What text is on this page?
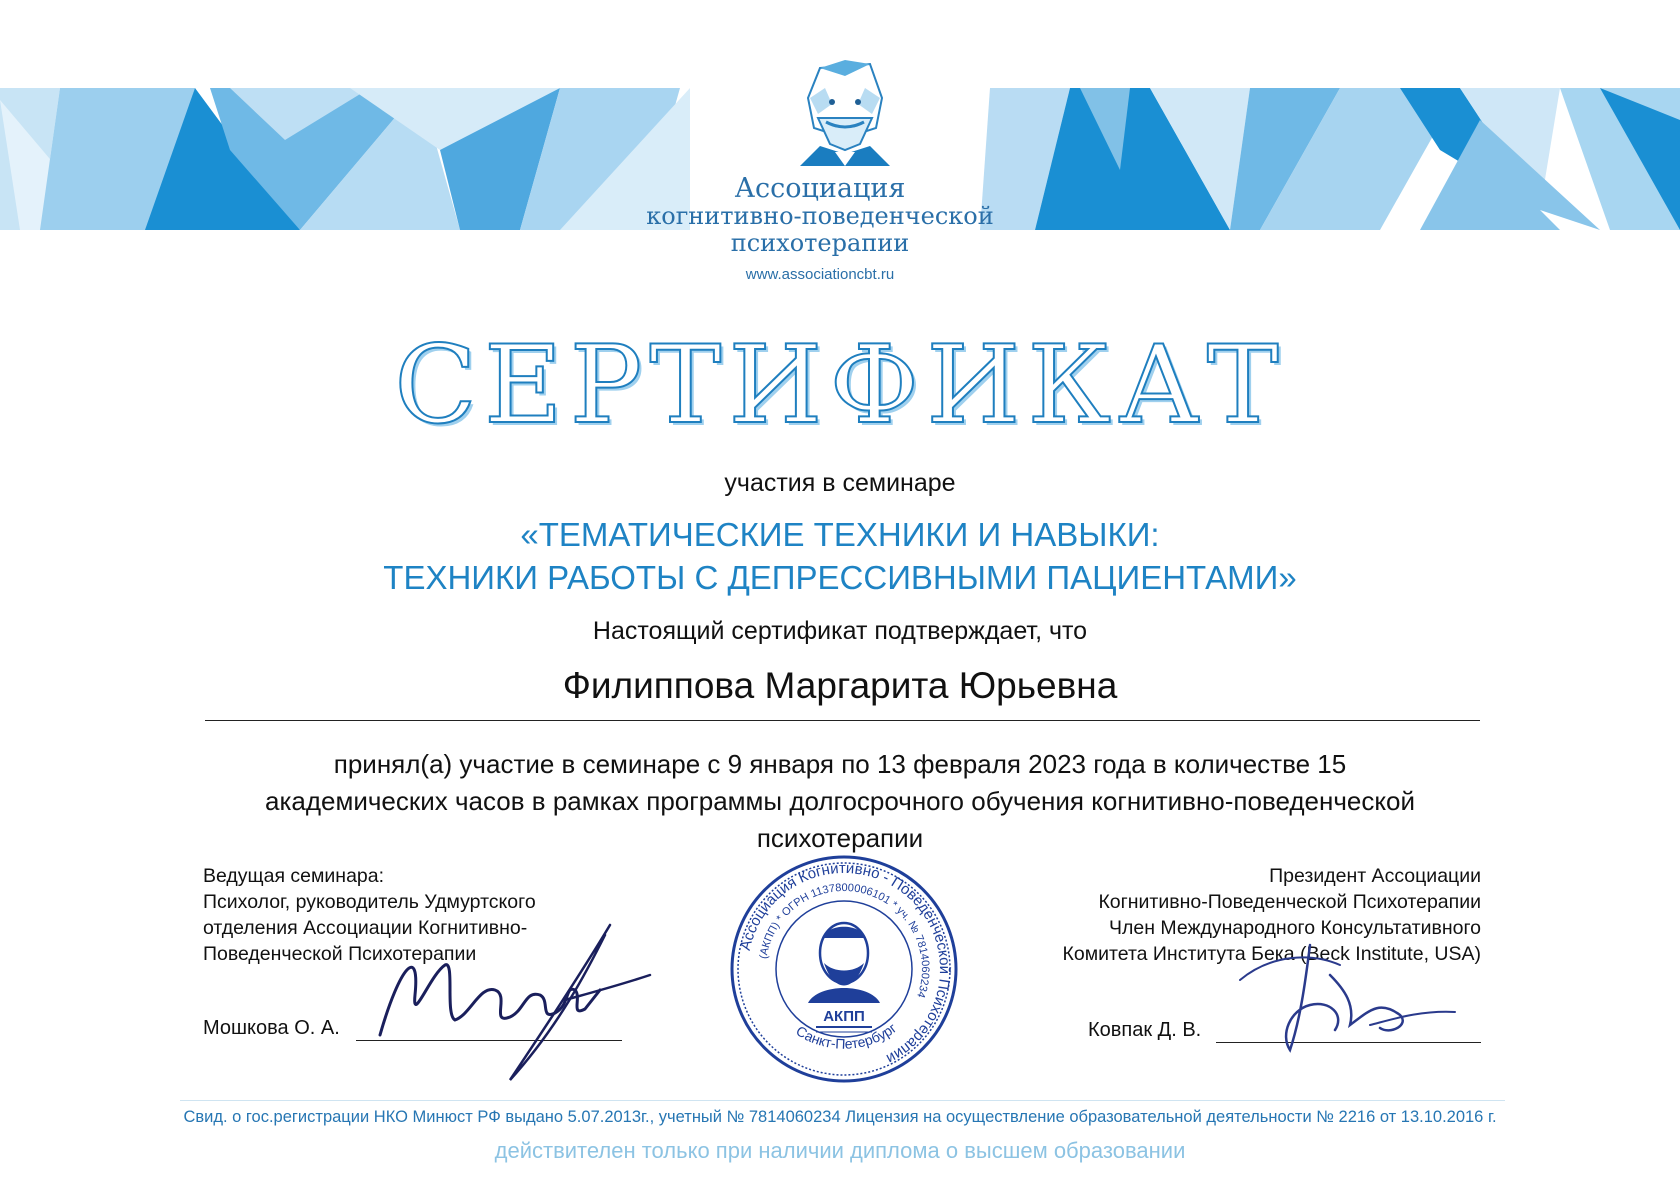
Ассоциация
когнитивно-поведенческой
психотерапии
www.associationcbt.ru
СЕРТИФИКАТ
участия в семинаре
«ТЕМАТИЧЕСКИЕ ТЕХНИКИ И НАВЫКИ:
ТЕХНИКИ РАБОТЫ С ДЕПРЕССИВНЫМИ ПАЦИЕНТАМИ»
Настоящий сертификат подтверждает, что
Филиппова Маргарита Юрьевна
принял(а) участие в семинаре с 9 января по 13 февраля 2023 года в количестве 15
академических часов в рамках программы долгосрочного обучения когнитивно-поведенческой
психотерапии
Ведущая семинара:
Психолог, руководитель Удмуртского
отделения Ассоциации Когнитивно-
Поведенческой Психотерапии
Мошкова О. А.
Президент Ассоциации
Когнитивно-Поведенческой Психотерапии
Член Международного Консультативного
Комитета Института Бека (Beck Institute, USA)
Ковпак Д. В.
Ассоциация Когнитивно - Поведенческой Психотерапии
(АКПП) * ОГРН 1137800006101 * уч. № 7814060234
Санкт-Петербург
АКПП
Свид. о гос.регистрации НКО Минюст РФ выдано 5.07.2013г., учетный № 7814060234 Лицензия на осуществление образовательной деятельности № 2216 от 13.10.2016 г.
действителен только при наличии диплома о высшем образовании
